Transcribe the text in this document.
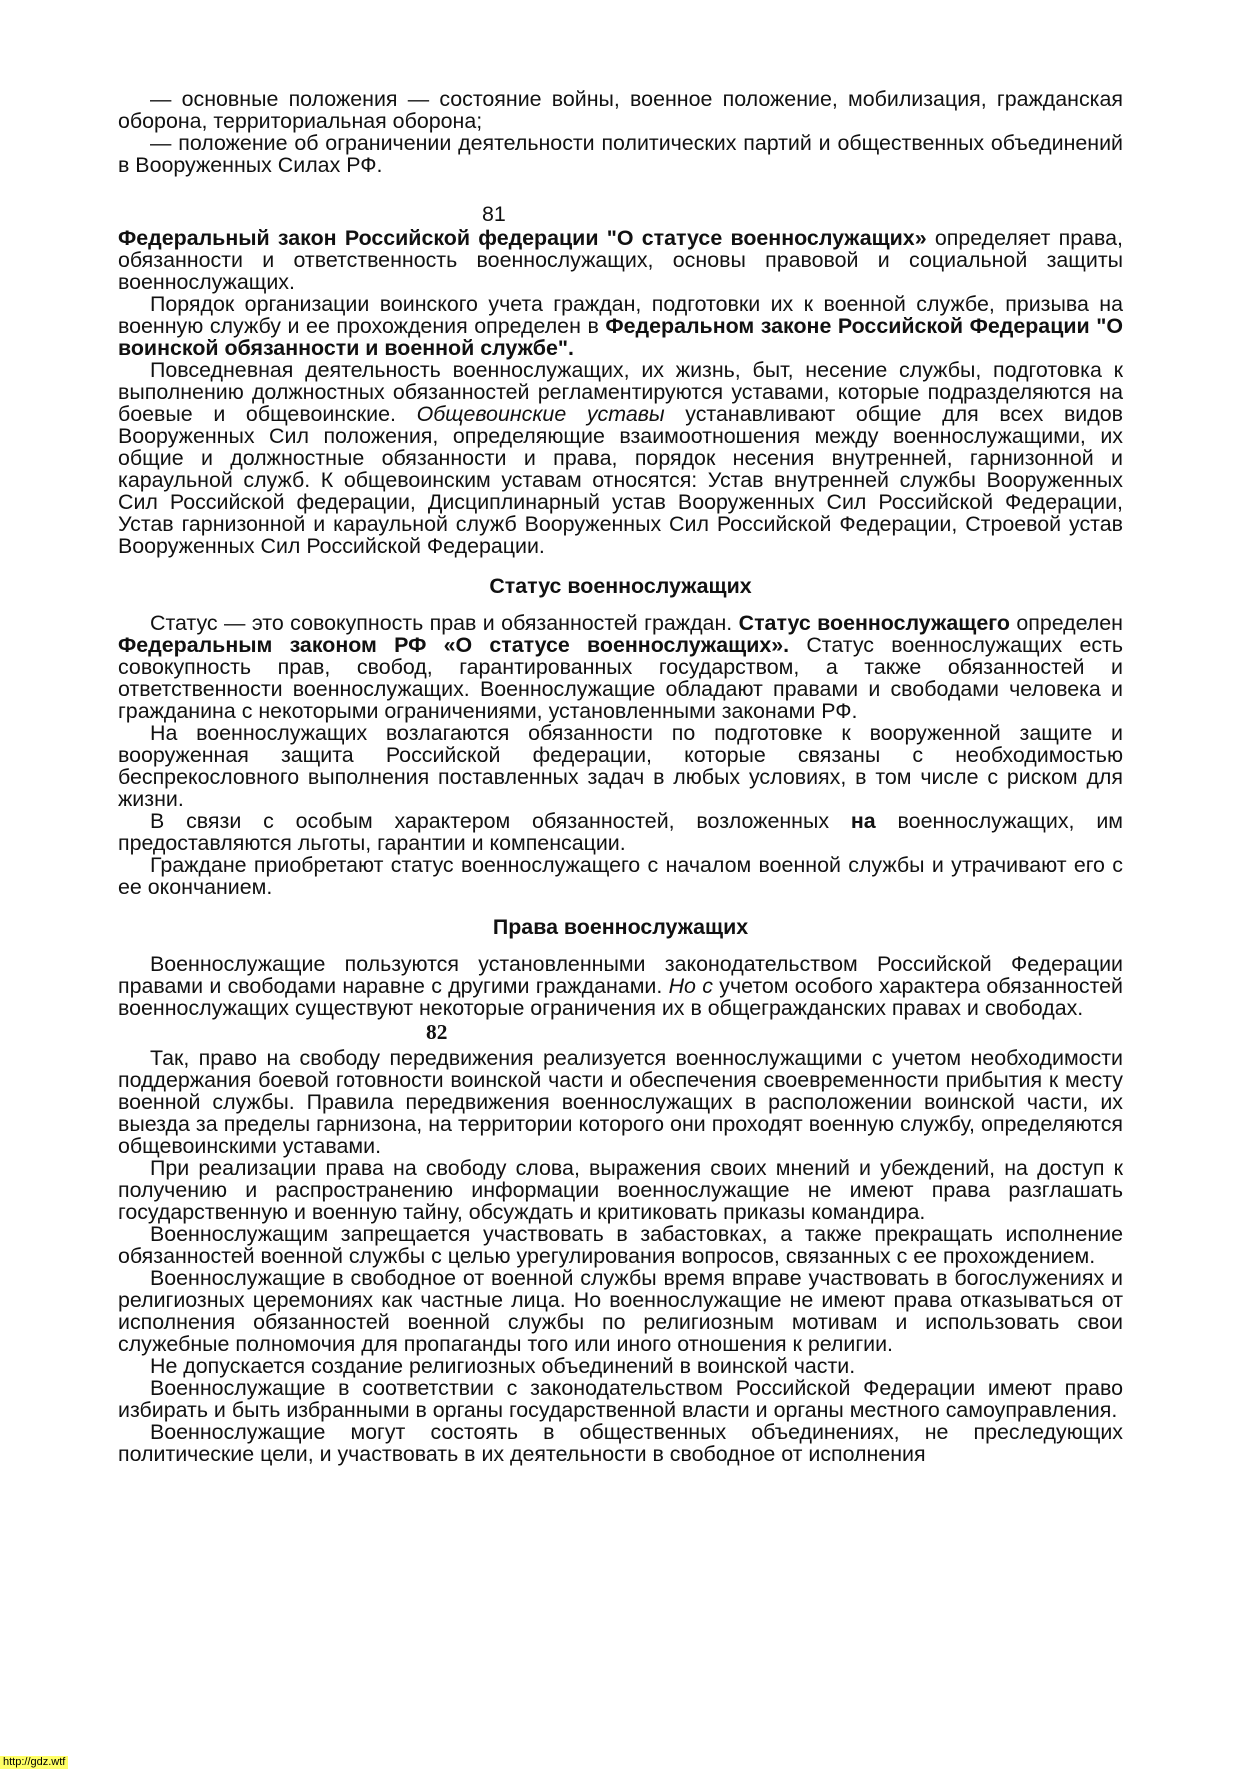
— основные положения — состояние войны, военное положение, мобилизация, гражданская оборона, территориальная оборона;

— положение об ограничении деятельности политических партий и общественных объединений в Вооруженных Силах РФ.

81

Федеральный закон Российской федерации "О статусе военнослужащих» определяет права, обязанности и ответственность военнослужащих, основы правовой и социальной защиты военнослужащих.

Порядок организации воинского учета граждан, подготовки их к военной службе, призыва на военную службу и ее прохождения определен в Федеральном законе Российской Федерации "О воинской обязанности и военной службе".

Повседневная деятельность военнослужащих, их жизнь, быт, несение службы, подготовка к выполнению должностных обязанностей регламентируются уставами, которые подразделяются на боевые и общевоинские. Общевоинские уставы устанавливают общие для всех видов Вооруженных Сил положения, определяющие взаимоотношения между военнослужащими, их общие и должностные обязанности и права, порядок несения внутренней, гарнизонной и караульной служб. К общевоинским уставам относятся: Устав внутренней службы Вооруженных Сил Российской федерации, Дисциплинарный устав Вооруженных Сил Российской Федерации, Устав гарнизонной и караульной служб Вооруженных Сил Российской Федерации, Строевой устав Вооруженных Сил Российской Федерации.

Статус военнослужащих

Статус — это совокупность прав и обязанностей граждан. Статус военнослужащего определен Федеральным законом РФ «О статусе военнослужащих». Статус военнослужащих есть совокупность прав, свобод, гарантированных государством, а также обязанностей и ответственности военнослужащих. Военнослужащие обладают правами и свободами человека и гражданина с некоторыми ограничениями, установленными законами РФ.

На военнослужащих возлагаются обязанности по подготовке к вооруженной защите и вооруженная защита Российской федерации, которые связаны с необходимостью беспрекословного выполнения поставленных задач в любых условиях, в том числе с риском для жизни.

В связи с особым характером обязанностей, возложенных на военнослужащих, им предоставляются льготы, гарантии и компенсации.

Граждане приобретают статус военнослужащего с началом военной службы и утрачивают его с ее окончанием.

Права военнослужащих

Военнослужащие пользуются установленными законодательством Российской Федерации правами и свободами наравне с другими гражданами. Но с учетом особого характера обязанностей военнослужащих существуют некоторые ограничения их в общегражданских правах и свободах.

82

Так, право на свободу передвижения реализуется военнослужащими с учетом необходимости поддержания боевой готовности воинской части и обеспечения своевременности прибытия к месту военной службы. Правила передвижения военнослужащих в расположении воинской части, их выезда за пределы гарнизона, на территории которого они проходят военную службу, определяются общевоинскими уставами.

При реализации права на свободу слова, выражения своих мнений и убеждений, на доступ к получению и распространению информации военнослужащие не имеют права разглашать государственную и военную тайну, обсуждать и критиковать приказы командира.

Военнослужащим запрещается участвовать в забастовках, а также прекращать исполнение обязанностей военной службы с целью урегулирования вопросов, связанных с ее прохождением.

Военнослужащие в свободное от военной службы время вправе участвовать в богослужениях и религиозных церемониях как частные лица. Но военнослужащие не имеют права отказываться от исполнения обязанностей военной службы по религиозным мотивам и использовать свои служебные полномочия для пропаганды того или иного отношения к религии.

Не допускается создание религиозных объединений в воинской части.

Военнослужащие в соответствии с законодательством Российской Федерации имеют право избирать и быть избранными в органы государственной власти и органы местного самоуправления.

Военнослужащие могут состоять в общественных объединениях, не преследующих политические цели, и участвовать в их деятельности в свободное от исполнения

http://gdz.wtf
